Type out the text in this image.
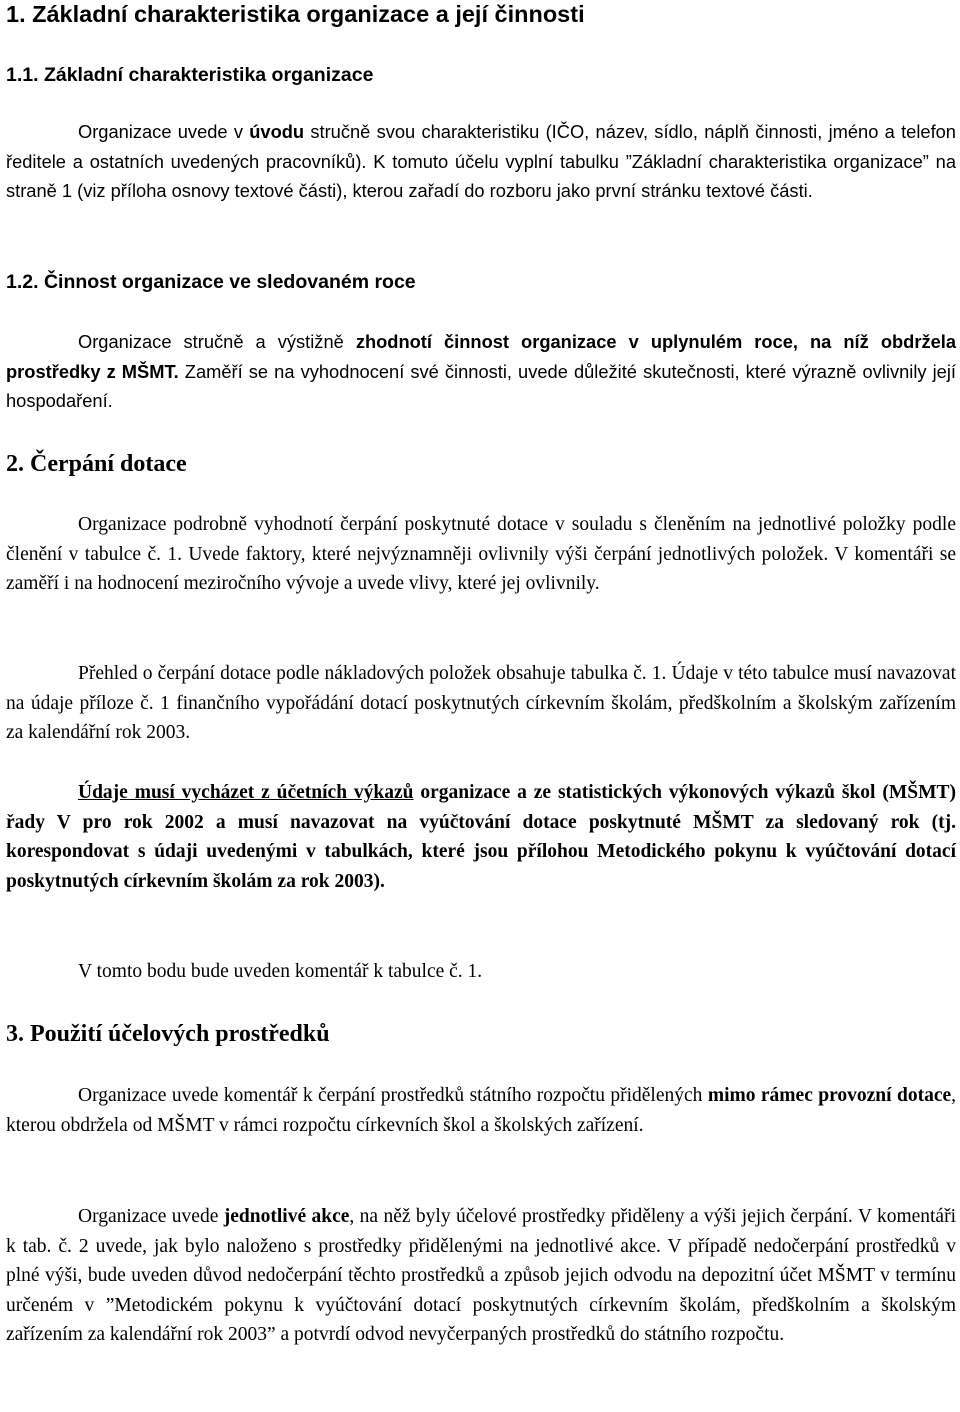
1. Základní charakteristika organizace a její činnosti
1.1. Základní charakteristika organizace

Organizace uvede v úvodu stručně svou charakteristiku (IČO, název, sídlo, náplň činnosti, jméno a telefon ředitele a ostatních uvedených pracovníků). K tomuto účelu vyplní tabulku ”Základní charakteristika organizace” na straně 1 (viz příloha osnovy textové části), kterou zařadí do rozboru jako první stránku textové části.

1.2. Činnost organizace ve sledovaném roce

Organizace stručně a výstižně zhodnotí činnost organizace v uplynulém roce, na níž obdržela prostředky z MŠMT. Zaměří se na vyhodnocení své činnosti, uvede důležité skutečnosti, které výrazně ovlivnily její hospodaření.

2. Čerpání dotace

Organizace podrobně vyhodnotí čerpání poskytnuté dotace v souladu s členěním na jednotlivé položky podle členění v tabulce č. 1. Uvede faktory, které nejvýznamněji ovlivnily výši čerpání jednotlivých položek. V komentáři se zaměří i na hodnocení meziročního vývoje a uvede vlivy, které jej ovlivnily.

Přehled o čerpání dotace podle nákladových položek obsahuje tabulka č. 1. Údaje v této tabulce musí navazovat na údaje příloze č. 1 finančního vypořádání dotací poskytnutých církevním školám, předškolním a školským zařízením za kalendářní rok 2003.

Údaje musí vycházet z účetních výkazů organizace a ze statistických výkonových výkazů škol (MŠMT) řady V pro rok 2002 a musí navazovat na vyúčtování dotace poskytnuté MŠMT za sledovaný rok (tj. korespondovat s údaji uvedenými v tabulkách, které jsou přílohou Metodického pokynu k vyúčtování dotací poskytnutých církevním školám za rok 2003).

V tomto bodu bude uveden komentář k tabulce č. 1.

3. Použití účelových prostředků

Organizace uvede komentář k čerpání prostředků státního rozpočtu přidělených mimo rámec provozní dotace, kterou obdržela od MŠMT v rámci rozpočtu církevních škol a školských zařízení.

Organizace uvede jednotlivé akce, na něž byly účelové prostředky přiděleny a výši jejich čerpání. V komentáři k tab. č. 2 uvede, jak bylo naloženo s prostředky přidělenými na jednotlivé akce. V případě nedočerpání prostředků v plné výši, bude uveden důvod nedočerpání těchto prostředků a způsob jejich odvodu na depozitní účet MŠMT v termínu určeném v ”Metodickém pokynu k vyúčtování dotací poskytnutých církevním školám, předškolním a školským zařízením za kalendářní rok 2003” a potvrdí odvod nevyčerpaných prostředků do státního rozpočtu.
